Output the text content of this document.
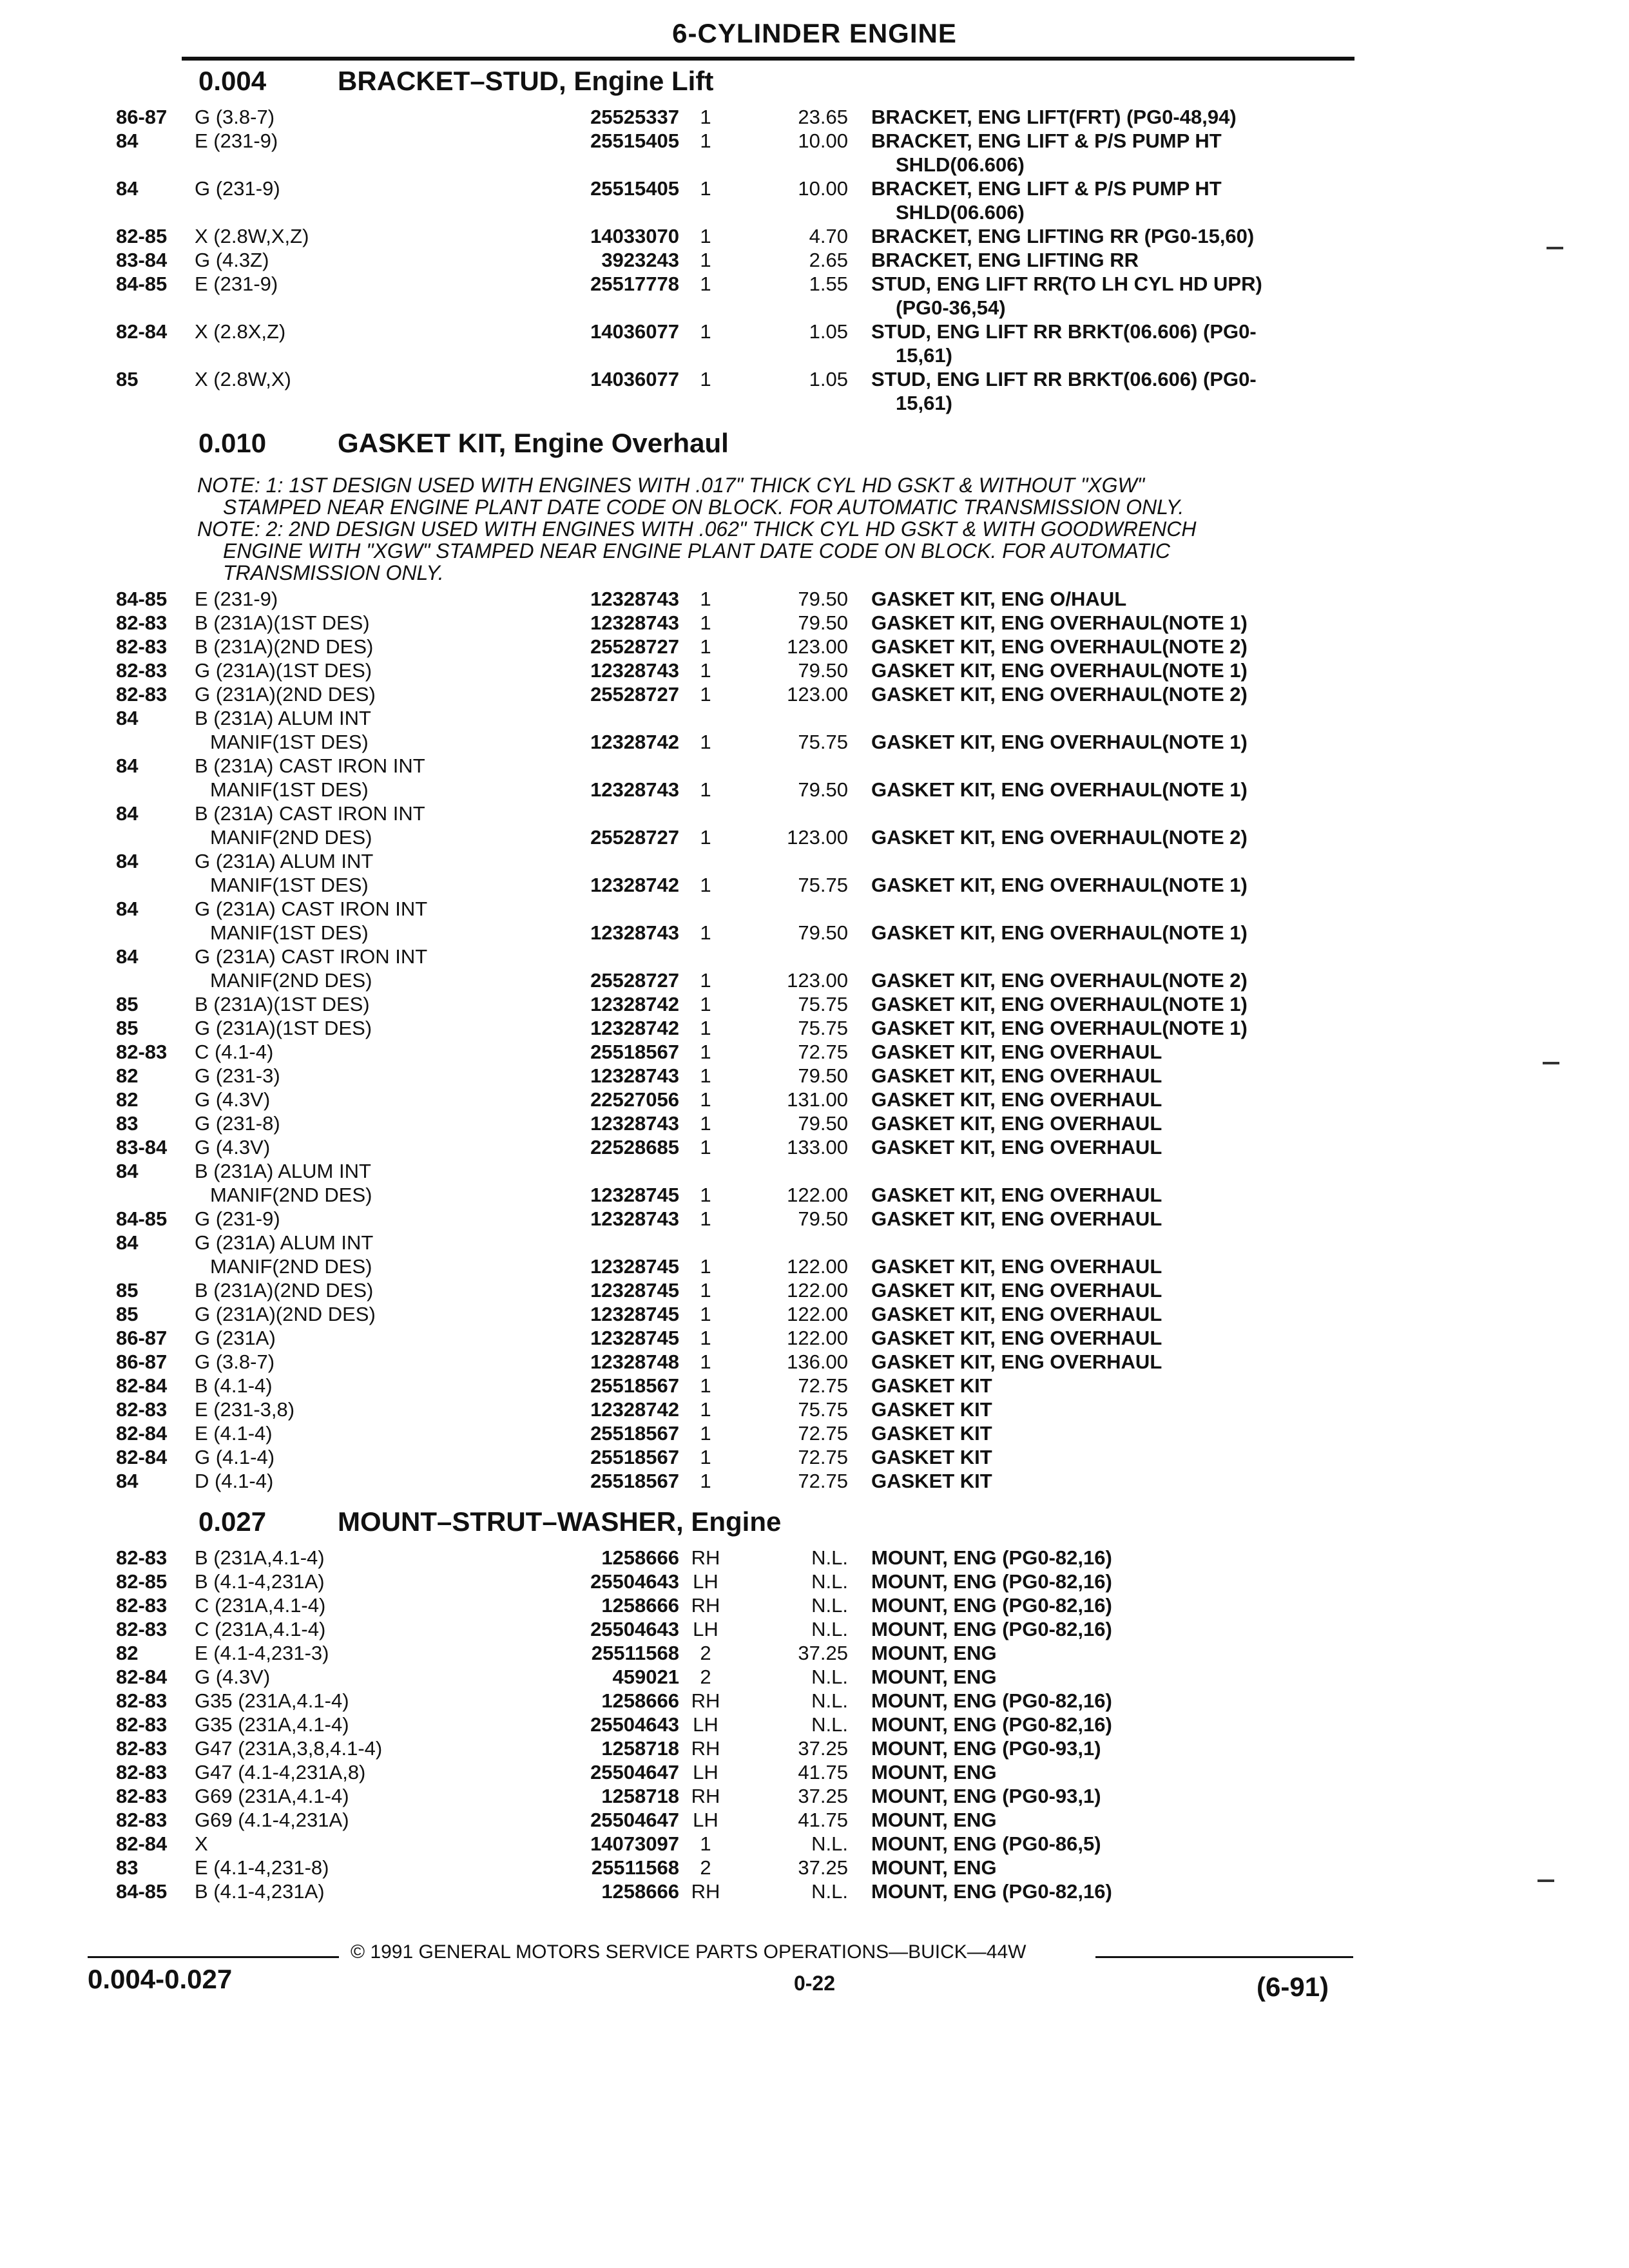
6-CYLINDER ENGINE
0.004	BRACKET–STUD, Engine Lift
86-87 G (3.8-7)	25525337	1	23.65 BRACKET, ENG LIFT(FRT) (PG0-48,94)
84	E (231-9)	25515405	1	10.00 BRACKET, ENG LIFT & P/S PUMP HT
SHLD(06.606)
84	G (231-9)	25515405	1	10.00 BRACKET, ENG LIFT & P/S PUMP HT
SHLD(06.606)
82-85 X (2.8W,X,Z)	14033070	1	4.70 BRACKET, ENG LIFTING RR (PG0-15,60)
83-84 G (4.3Z)	3923243	1	2.65 BRACKET, ENG LIFTING RR
84-85 E (231-9)	25517778	1	1.55 STUD, ENG LIFT RR(TO LH CYL HD UPR)
(PG0-36,54)
82-84 X (2.8X,Z)	14036077	1	1.05 STUD, ENG LIFT RR BRKT(06.606) (PG0-
15,61)
85	X (2.8W,X)	14036077	1	1.05 STUD, ENG LIFT RR BRKT(06.606) (PG0-
15,61)
0.010	GASKET KIT, Engine Overhaul
NOTE: 1: 1ST DESIGN USED WITH ENGINES WITH .017" THICK CYL HD GSKT & WITHOUT "XGW"
STAMPED NEAR ENGINE PLANT DATE CODE ON BLOCK. FOR AUTOMATIC TRANSMISSION ONLY.
NOTE: 2: 2ND DESIGN USED WITH ENGINES WITH .062" THICK CYL HD GSKT & WITH GOODWRENCH
ENGINE WITH "XGW" STAMPED NEAR ENGINE PLANT DATE CODE ON BLOCK. FOR AUTOMATIC
TRANSMISSION ONLY.
84-85 E (231-9)	12328743	1	79.50 GASKET KIT, ENG O/HAUL
82-83 B (231A)(1ST DES)	12328743	1	79.50 GASKET KIT, ENG OVERHAUL(NOTE 1)
82-83 B (231A)(2ND DES)	25528727	1	123.00 GASKET KIT, ENG OVERHAUL(NOTE 2)
82-83 G (231A)(1ST DES)	12328743	1	79.50 GASKET KIT, ENG OVERHAUL(NOTE 1)
82-83 G (231A)(2ND DES)	25528727	1	123.00 GASKET KIT, ENG OVERHAUL(NOTE 2)
84	B (231A) ALUM INT
MANIF(1ST DES)	12328742	1	75.75 GASKET KIT, ENG OVERHAUL(NOTE 1)
84	B (231A) CAST IRON INT
MANIF(1ST DES)	12328743	1	79.50 GASKET KIT, ENG OVERHAUL(NOTE 1)
84	B (231A) CAST IRON INT
MANIF(2ND DES)	25528727	1	123.00 GASKET KIT, ENG OVERHAUL(NOTE 2)
84	G (231A) ALUM INT
MANIF(1ST DES)	12328742	1	75.75 GASKET KIT, ENG OVERHAUL(NOTE 1)
84	G (231A) CAST IRON INT
MANIF(1ST DES)	12328743	1	79.50 GASKET KIT, ENG OVERHAUL(NOTE 1)
84	G (231A) CAST IRON INT
MANIF(2ND DES)	25528727	1	123.00 GASKET KIT, ENG OVERHAUL(NOTE 2)
85	B (231A)(1ST DES)	12328742	1	75.75 GASKET KIT, ENG OVERHAUL(NOTE 1)
85	G (231A)(1ST DES)	12328742	1	75.75 GASKET KIT, ENG OVERHAUL(NOTE 1)
82-83 C (4.1-4)	25518567	1	72.75 GASKET KIT, ENG OVERHAUL
82	G (231-3)	12328743	1	79.50 GASKET KIT, ENG OVERHAUL
82	G (4.3V)	22527056	1	131.00 GASKET KIT, ENG OVERHAUL
83	G (231-8)	12328743	1	79.50 GASKET KIT, ENG OVERHAUL
83-84 G (4.3V)	22528685	1	133.00 GASKET KIT, ENG OVERHAUL
84	B (231A) ALUM INT
MANIF(2ND DES)	12328745	1	122.00 GASKET KIT, ENG OVERHAUL
84-85 G (231-9)	12328743	1	79.50 GASKET KIT, ENG OVERHAUL
84	G (231A) ALUM INT
MANIF(2ND DES)	12328745	1	122.00 GASKET KIT, ENG OVERHAUL
85	B (231A)(2ND DES)	12328745	1	122.00 GASKET KIT, ENG OVERHAUL
85	G (231A)(2ND DES)	12328745	1	122.00 GASKET KIT, ENG OVERHAUL
86-87 G (231A)	12328745	1	122.00 GASKET KIT, ENG OVERHAUL
86-87 G (3.8-7)	12328748	1	136.00 GASKET KIT, ENG OVERHAUL
82-84 B (4.1-4)	25518567	1	72.75 GASKET KIT
82-83 E (231-3,8)	12328742	1	75.75 GASKET KIT
82-84 E (4.1-4)	25518567	1	72.75 GASKET KIT
82-84 G (4.1-4)	25518567	1	72.75 GASKET KIT
84	D (4.1-4)	25518567	1	72.75 GASKET KIT
0.027	MOUNT–STRUT–WASHER, Engine
82-83 B (231A,4.1-4)	1258666 RH	N.L. MOUNT, ENG (PG0-82,16)
82-85 B (4.1-4,231A)	25504643 LH	N.L. MOUNT, ENG (PG0-82,16)
82-83 C (231A,4.1-4)	1258666 RH	N.L. MOUNT, ENG (PG0-82,16)
82-83 C (231A,4.1-4)	25504643 LH	N.L. MOUNT, ENG (PG0-82,16)
82	E (4.1-4,231-3)	25511568	2	37.25 MOUNT, ENG
82-84 G (4.3V)	459021	2	N.L. MOUNT, ENG
82-83 G35 (231A,4.1-4)	1258666 RH	N.L. MOUNT, ENG (PG0-82,16)
82-83 G35 (231A,4.1-4)	25504643 LH	N.L. MOUNT, ENG (PG0-82,16)
82-83 G47 (231A,3,8,4.1-4)	1258718 RH	37.25 MOUNT, ENG (PG0-93,1)
82-83 G47 (4.1-4,231A,8)	25504647 LH	41.75 MOUNT, ENG
82-83 G69 (231A,4.1-4)	1258718 RH	37.25 MOUNT, ENG (PG0-93,1)
82-83 G69 (4.1-4,231A)	25504647 LH	41.75 MOUNT, ENG
82-84 X	14073097	1	N.L. MOUNT, ENG (PG0-86,5)
83	E (4.1-4,231-8)	25511568	2	37.25 MOUNT, ENG
84-85 B (4.1-4,231A)	1258666 RH	N.L. MOUNT, ENG (PG0-82,16)
© 1991 GENERAL MOTORS SERVICE PARTS OPERATIONS—BUICK—44W
0.004-0.027	0-22	(6-91)
